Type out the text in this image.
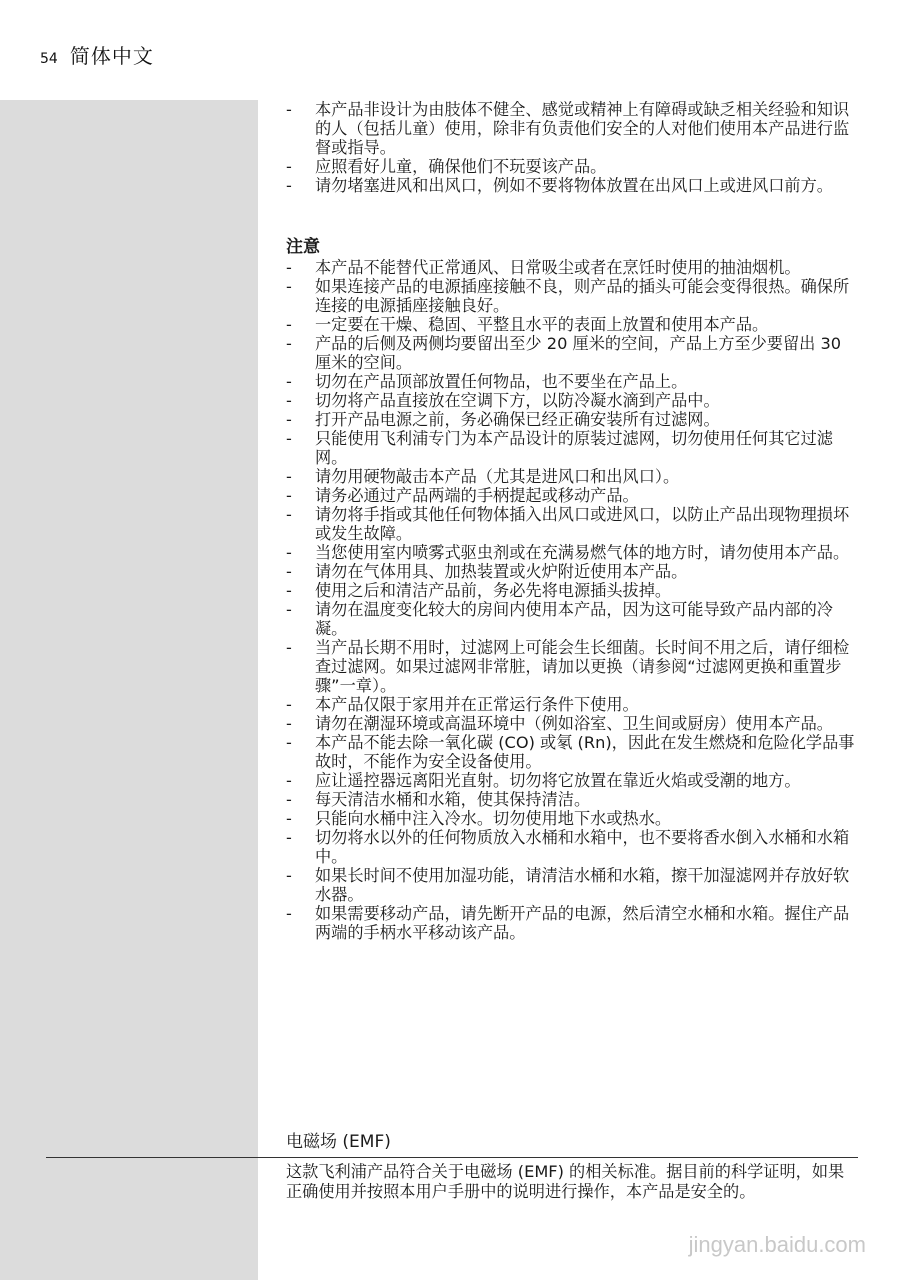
54 简体中文
- 本产品非设计为由肢体不健全、感觉或精神上有障碍或缺乏相关经验和知识的人（包括儿童）使用，除非有负责他们安全的人对他们使用本产品进行监督或指导。
- 应照看好儿童，确保他们不玩耍该产品。
- 请勿堵塞进风和出风口，例如不要将物体放置在出风口上或进风口前方。
注意
- 本产品不能替代正常通风、日常吸尘或者在烹饪时使用的抽油烟机。
- 如果连接产品的电源插座接触不良，则产品的插头可能会变得很热。确保所连接的电源插座接触良好。
- 一定要在干燥、稳固、平整且水平的表面上放置和使用本产品。
- 产品的后侧及两侧均要留出至少 20 厘米的空间，产品上方至少要留出 30 厘米的空间。
- 切勿在产品顶部放置任何物品，也不要坐在产品上。
- 切勿将产品直接放在空调下方，以防冷凝水滴到产品中。
- 打开产品电源之前，务必确保已经正确安装所有过滤网。
- 只能使用飞利浦专门为本产品设计的原装过滤网，切勿使用任何其它过滤网。
- 请勿用硬物敲击本产品（尤其是进风口和出风口）。
- 请务必通过产品两端的手柄提起或移动产品。
- 请勿将手指或其他任何物体插入出风口或进风口，以防止产品出现物理损坏或发生故障。
- 当您使用室内喷雾式驱虫剂或在充满易燃气体的地方时，请勿使用本产品。
- 请勿在气体用具、加热装置或火炉附近使用本产品。
- 使用之后和清洁产品前，务必先将电源插头拔掉。
- 请勿在温度变化较大的房间内使用本产品，因为这可能导致产品内部的冷凝。
- 当产品长期不用时，过滤网上可能会生长细菌。长时间不用之后，请仔细检查过滤网。如果过滤网非常脏，请加以更换（请参阅“过滤网更换和重置步骤”一章）。
- 本产品仅限于家用并在正常运行条件下使用。
- 请勿在潮湿环境或高温环境中（例如浴室、卫生间或厨房）使用本产品。
- 本产品不能去除一氧化碳 (CO) 或氡 (Rn)，因此在发生燃烧和危险化学品事故时，不能作为安全设备使用。
- 应让遥控器远离阳光直射。切勿将它放置在靠近火焰或受潮的地方。
- 每天清洁水桶和水箱，使其保持清洁。
- 只能向水桶中注入冷水。切勿使用地下水或热水。
- 切勿将水以外的任何物质放入水桶和水箱中，也不要将香水倒入水桶和水箱中。
- 如果长时间不使用加湿功能，请清洁水桶和水箱，擦干加湿滤网并存放好软水器。
- 如果需要移动产品，请先断开产品的电源，然后清空水桶和水箱。握住产品两端的手柄水平移动该产品。
电磁场 (EMF)

这款飞利浦产品符合关于电磁场 (EMF) 的相关标准。据目前的科学证明，如果正确使用并按照本用户手册中的说明进行操作，本产品是安全的。

jingyan.baidu.com
